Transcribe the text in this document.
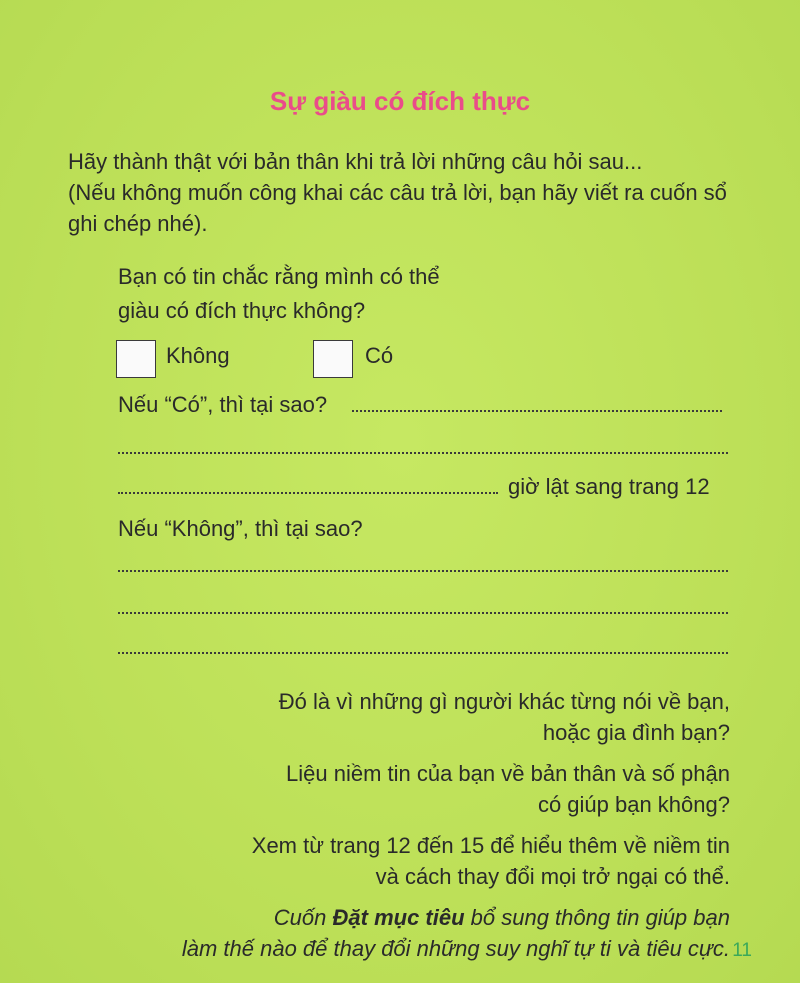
Sự giàu có đích thực
Hãy thành thật với bản thân khi trả lời những câu hỏi sau...
(Nếu không muốn công khai các câu trả lời, bạn hãy viết ra cuốn sổ
ghi chép nhé).
Bạn có tin chắc rằng mình có thể
giàu có đích thực không?
Không	Có
Nếu “Có”, thì tại sao?
giờ lật sang trang 12
Nếu “Không”, thì tại sao?
Đó là vì những gì người khác từng nói về bạn,
hoặc gia đình bạn?
Liệu niềm tin của bạn về bản thân và số phận
có giúp bạn không?
Xem từ trang 12 đến 15 để hiểu thêm về niềm tin
và cách thay đổi mọi trở ngại có thể.
Cuốn Đặt mục tiêu bổ sung thông tin giúp bạn
làm thế nào để thay đổi những suy nghĩ tự ti và tiêu cực. 11
